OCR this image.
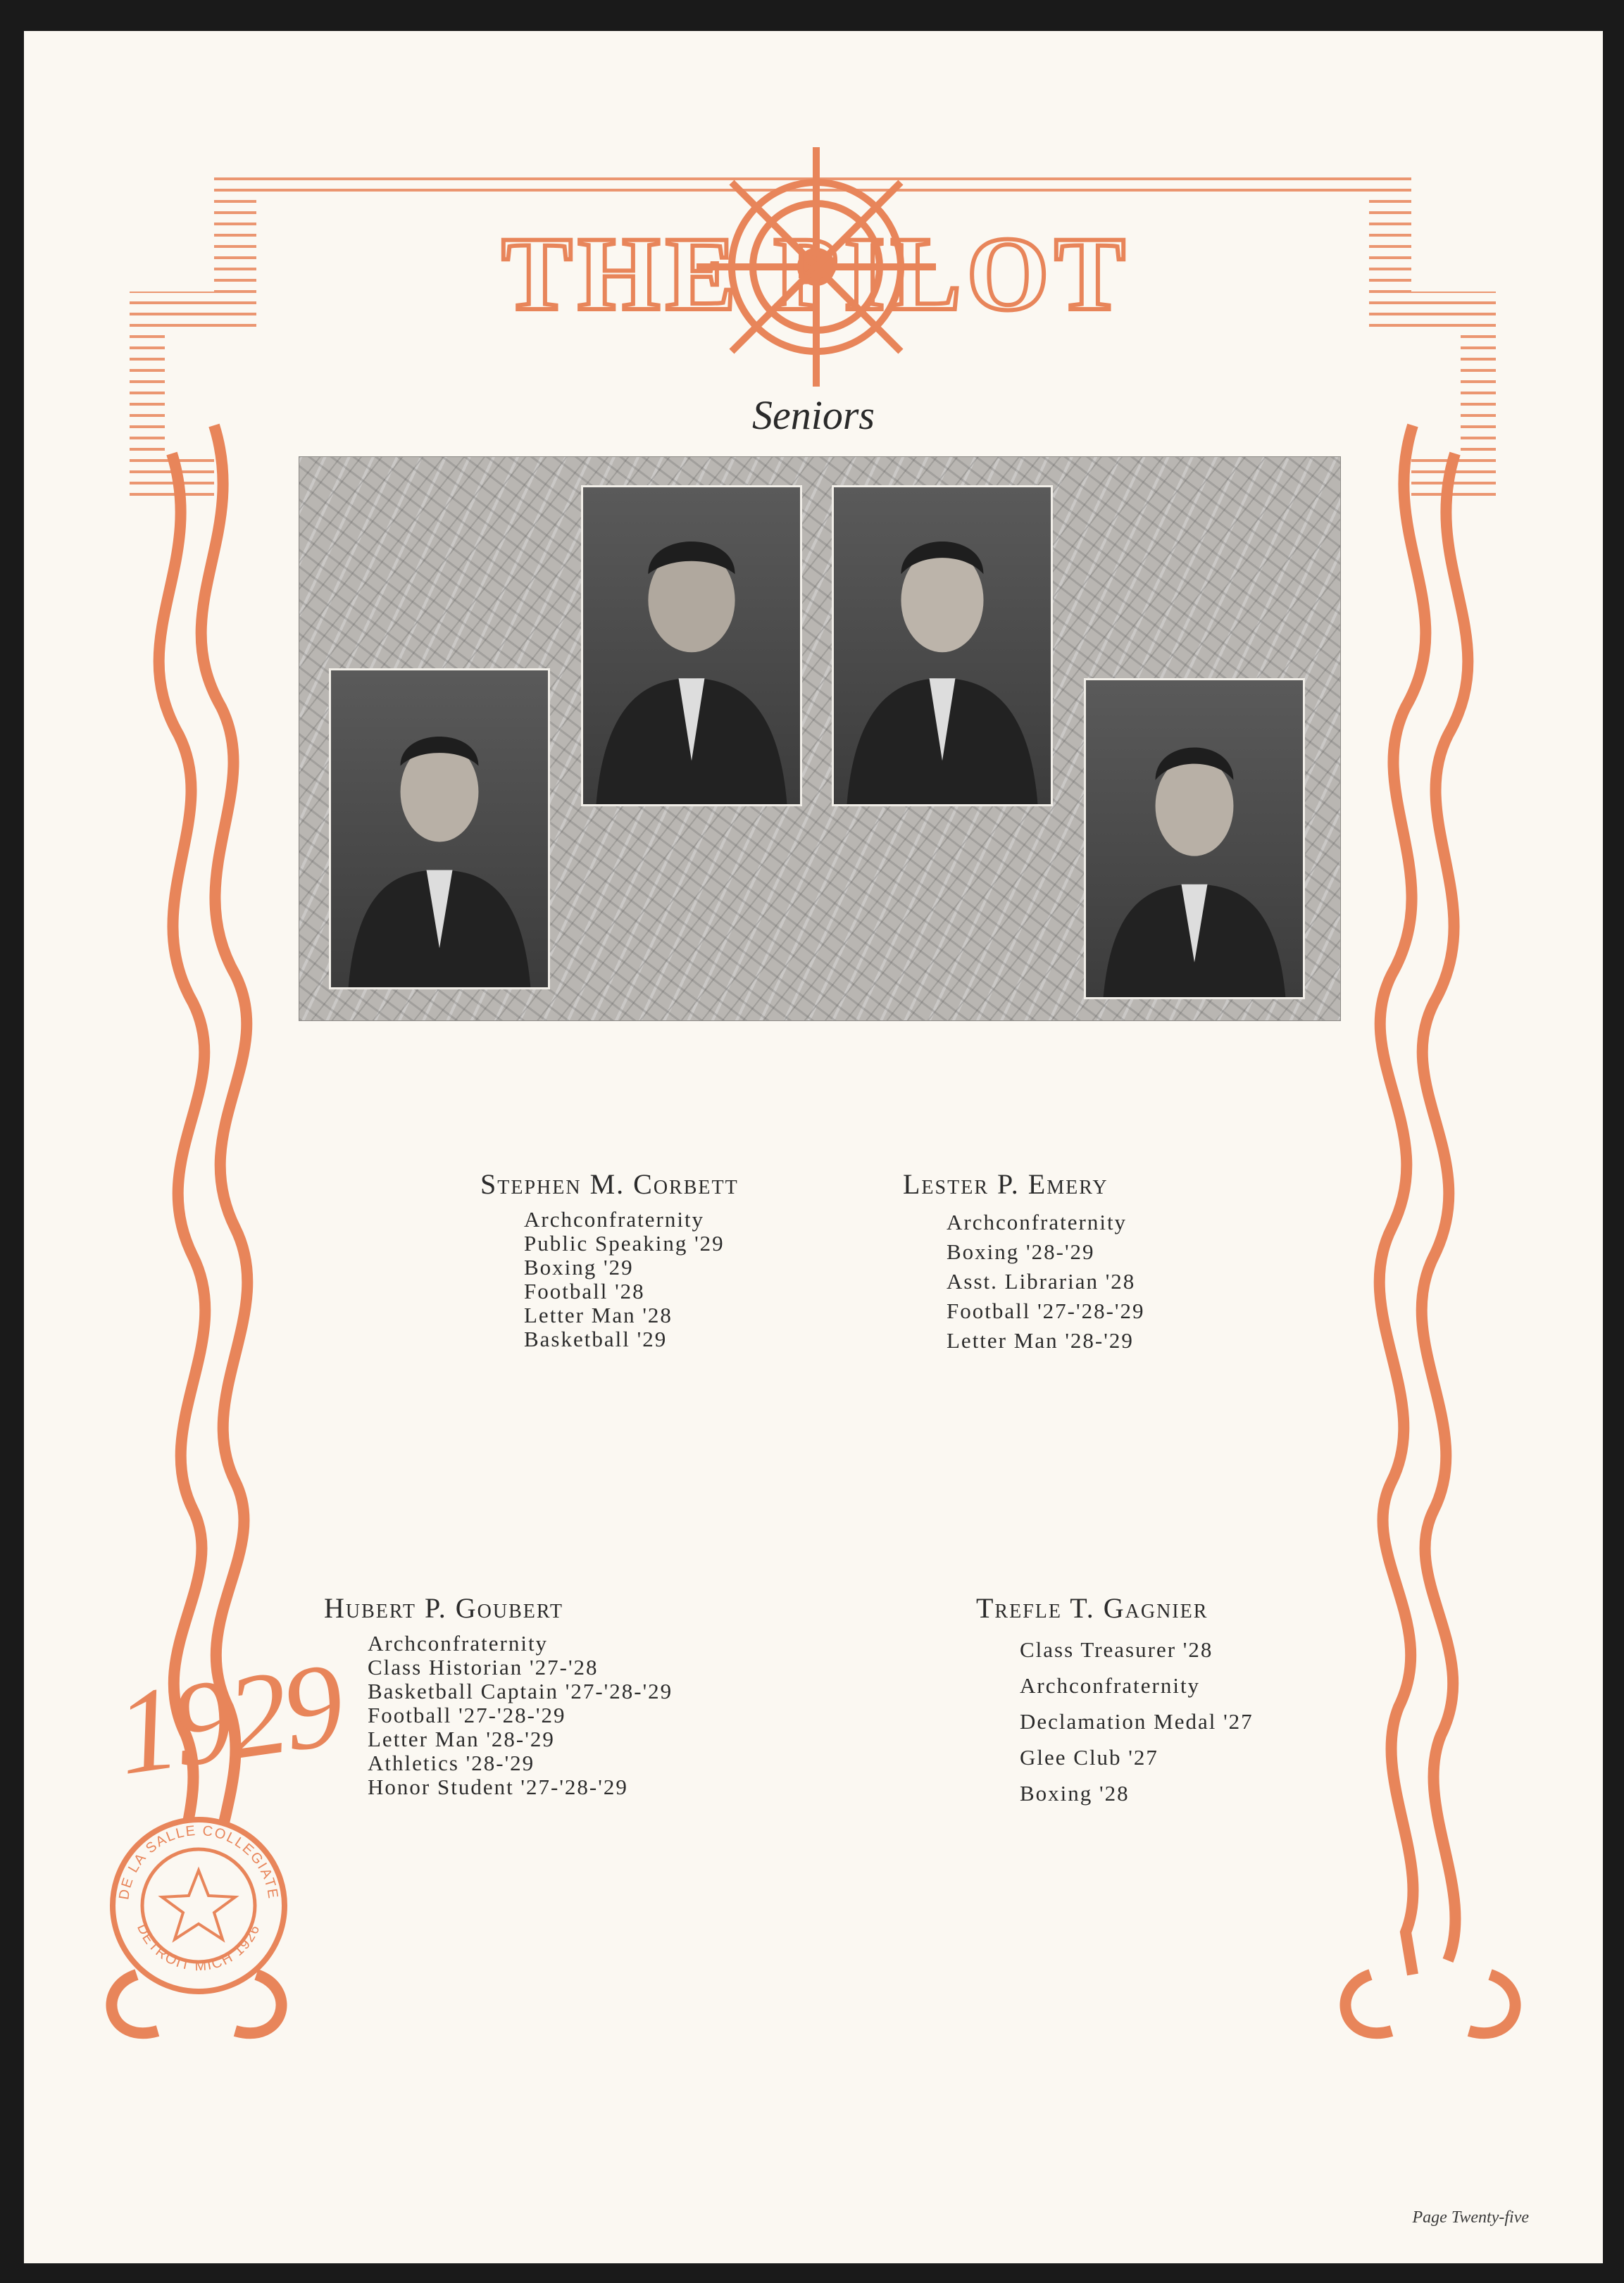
DE LA SALLE COLLEGIATE
DETROIT MICH 1926
THE PILOT

Seniors

Stephen M. Corbett
Archconfraternity
Public Speaking '29
Boxing '29
Football '28
Letter Man '28
Basketball '29
Lester P. Emery
Archconfraternity
Boxing '28-'29
Asst. Librarian '28
Football '27-'28-'29
Letter Man '28-'29
Hubert P. Goubert
Archconfraternity
Class Historian '27-'28
Basketball Captain '27-'28-'29
Football '27-'28-'29
Letter Man '28-'29
Athletics '28-'29
Honor Student '27-'28-'29
Trefle T. Gagnier
Class Treasurer '28
Archconfraternity
Declamation Medal '27
Glee Club '27
Boxing '28

1929

Page Twenty-five
